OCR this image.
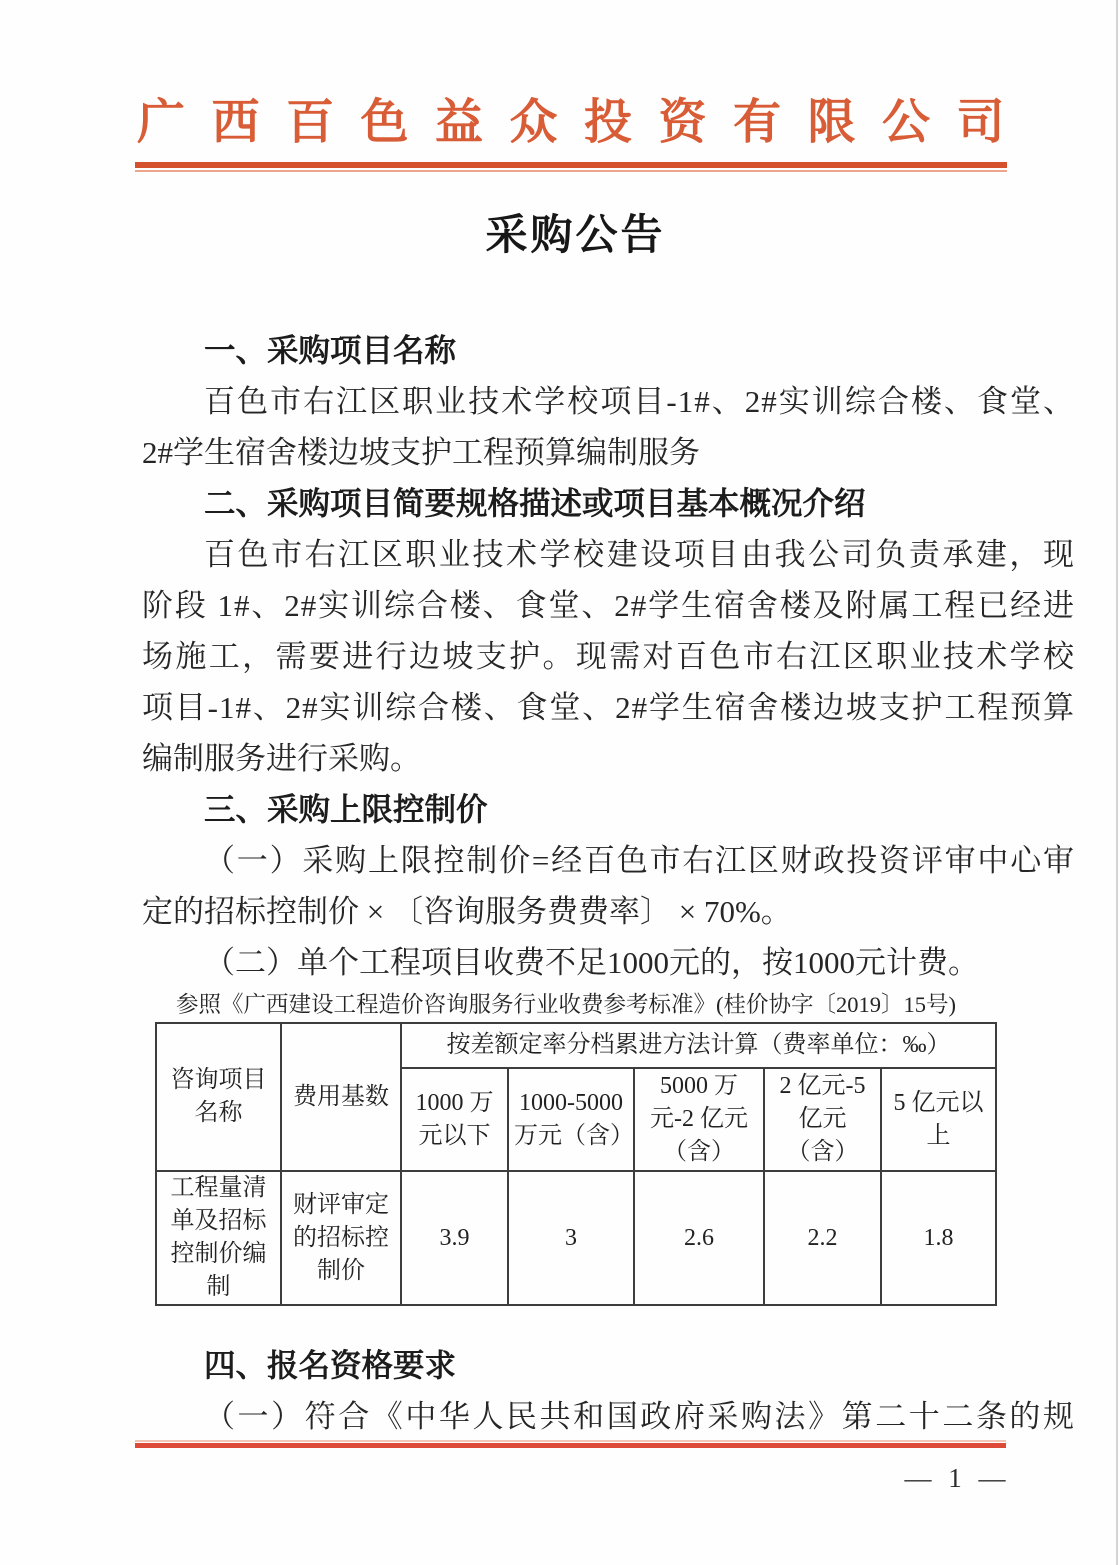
广西百色益众投资有限公司
采购公告
一、采购项目名称
百色市右江区职业技术学校项目-1#、2#实训综合楼、食堂、
2#学生宿舍楼边坡支护工程预算编制服务
二、采购项目简要规格描述或项目基本概况介绍
百色市右江区职业技术学校建设项目由我公司负责承建，现
阶段 1#、2#实训综合楼、食堂、2#学生宿舍楼及附属工程已经进
场施工，需要进行边坡支护。现需对百色市右江区职业技术学校
项目-1#、2#实训综合楼、食堂、2#学生宿舍楼边坡支护工程预算
编制服务进行采购。
三、采购上限控制价
（一）采购上限控制价=经百色市右江区财政投资评审中心审
定的招标控制价 × 〔咨询服务费费率〕 × 70%。
（二）单个工程项目收费不足1000元的，按1000元计费。
参照《广西建设工程造价咨询服务行业收费参考标准》(桂价协字〔2019〕15号)
咨询项目名称	费用基数	按差额定率分档累进方法计算（费率单位：‰）				
		1000 万元以下	1000-5000 万元（含）	5000 万元-2 亿元（含）	2 亿元-5 亿元（含）	5 亿元以上
工程量清单及招标控制价编制	财评审定的招标控制价	3.9	3	2.6	2.2	1.8
四、报名资格要求
（一）符合《中华人民共和国政府采购法》第二十二条的规
— 1 —
